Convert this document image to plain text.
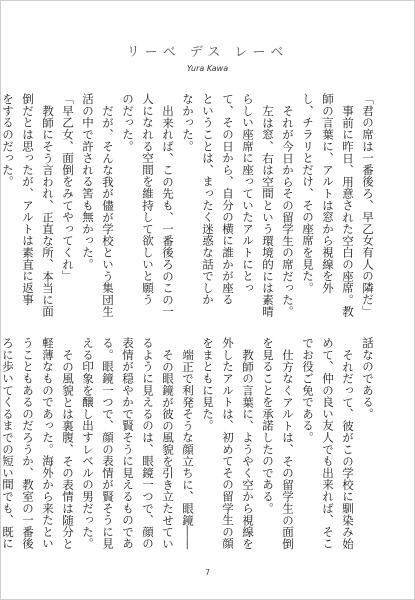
リーベ デス レーベ
Yura Kawa

「君の席は一番後ろ、早乙女有人の隣だ」

事前に昨日、用意された空白の座席。教師の言葉に、アルトは窓から視線を外し、チラリとだけ、その座席を見た。

それが今日からその留学生の席だった。

左は窓、右は空間という環境的には素晴らしい座席に座っていたアルトにとって、その日から、自分の横に誰かが座るということは、まったく迷惑な話でしかなかった。

出来れば、この先も、一番後ろのこの一人になれる空間を維持して欲しいと願うのだった。

だが、そんな我が儘が学校という集団生活の中で許される筈も無かった。

「早乙女、面倒をみてやってくれ」

教師にそう言われ、正直な所、本当に面倒だとは思ったが、アルトは素直に返事をするのだった。

話なのである。

それだって、彼がこの学校に馴染み始めて、仲の良い友人でも出来れば、そこでお役ご免である。

仕方なくアルトは、その留学生の面倒を見ることを承諾したのである。

教師の言葉に、ようやく空から視線を外したアルトは、初めてその留学生の顔をまともに見た。

端正で利発そうな顔立ちに、眼鏡――

その眼鏡が彼の風貌を引き立たせているように見えるのは、眼鏡一つで、顔の表情が穏やかで賢そうに見えるものである。眼鏡一つで、顔の表情が賢そうに見える印象を醸し出すレベルの男だった。

その風貌とは裏腹、その表情は随分と軽薄なものであった。海外から来たということもあるのだろうか、教室の一番後ろに歩いてくるまでの短い間でも、既に

7
